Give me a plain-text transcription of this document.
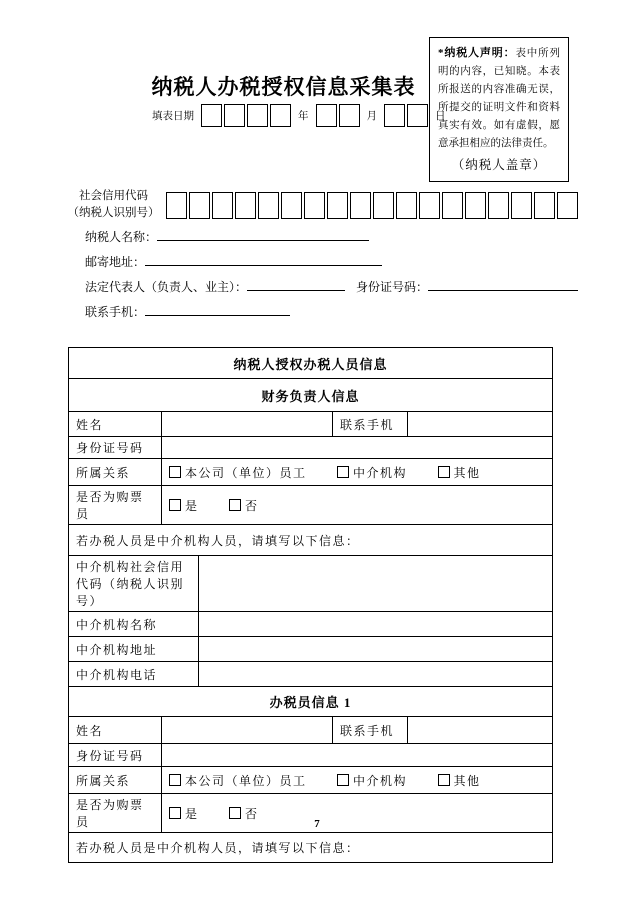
纳税人办税授权信息采集表
填表日期	年	月	日
*纳税人声明：表中所列明的内容，已知晓。本表所报送的内容准确无误，所提交的证明文件和资料真实有效。如有虚假，愿意承担相应的法律责任。
（纳税人盖章）
社会信用代码
（纳税人识别号）
纳税人名称：
邮寄地址：
法定代表人（负责人、业主）：	身份证号码：
联系手机：
纳税人授权办税人员信息				
财务负责人信息				
姓名			联系手机	
身份证号码				
所属关系	本公司（单位）员工 中介机构 其他			
是否为购票员	是 否			
若办税人员是中介机构人员，请填写以下信息：				
中介机构社会信用代码（纳税人识别号）				
中介机构名称				
中介机构地址				
中介机构电话				
办税员信息 1				
姓名			联系手机	
身份证号码				
所属关系	本公司（单位）员工 中介机构 其他			
是否为购票员	是 否			
若办税人员是中介机构人员，请填写以下信息：				
7
